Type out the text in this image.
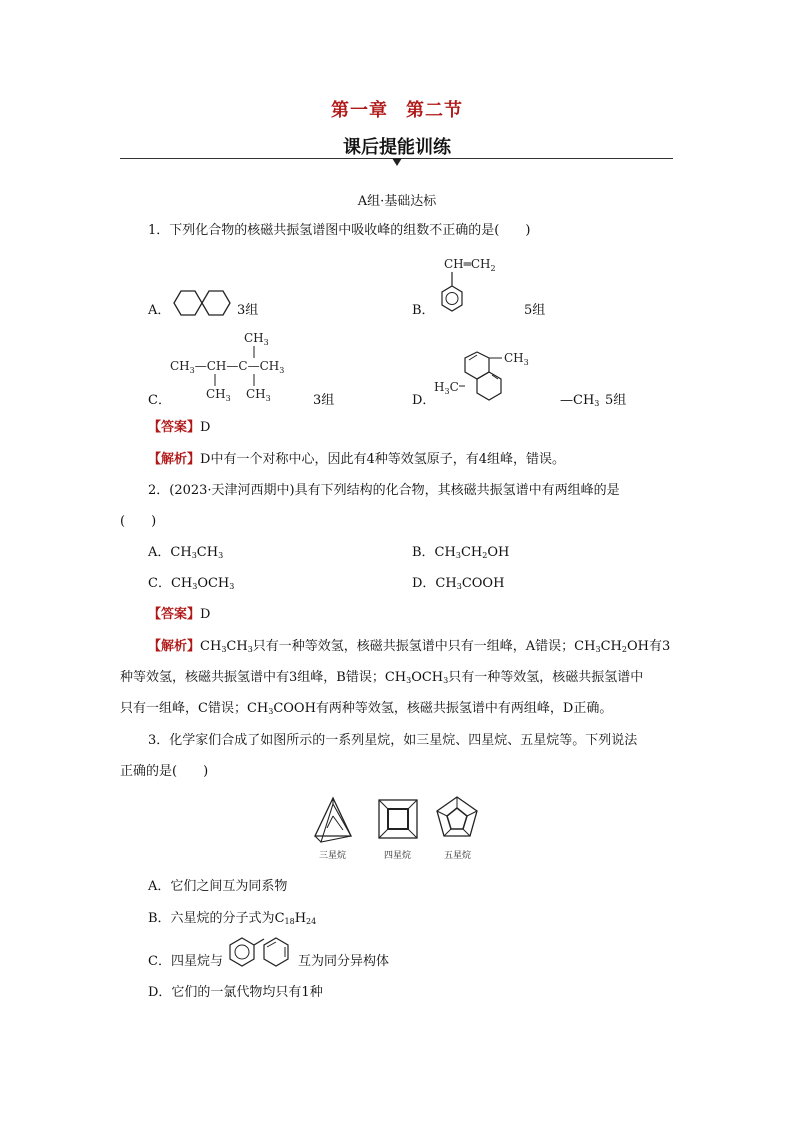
第一章 第二节
课后提能训练
A组·基础达标
1．下列化合物的核磁共振氢谱图中吸收峰的组数不正确的是(　　)
A．	3组	B．
$CH═CH_2$
5组
C．
$CH_3$
$CH_3—CH—C—CH_3$
$CH_3$ $CH_3$	3组	D．
$CH_3$
$H_3C$
$—CH_3$ 5组
【答案】D
【解析】D中有一个对称中心，因此有4种等效氢原子，有4组峰，错误。
2．(2023·天津河西期中)具有下列结构的化合物，其核磁共振氢谱中有两组峰的是
(　　)
A．$CH_3CH_3$	B．$CH_3CH_2OH$
C．$CH_3OCH_3$	D．$CH_3COOH$
【答案】D
【解析】$CH_3CH_3$只有一种等效氢，核磁共振氢谱中只有一组峰，A错误；$CH_3CH_2OH$有3
种等效氢，核磁共振氢谱中有3组峰，B错误；$CH_3OCH_3$只有一种等效氢，核磁共振氢谱中
只有一组峰，C错误；$CH_3COOH$有两种等效氢，核磁共振氢谱中有两组峰，D正确。
3．化学家们合成了如图所示的一系列星烷，如三星烷、四星烷、五星烷等。下列说法
正确的是(　　)
三星烷	四星烷	五星烷
A．它们之间互为同系物
B．六星烷的分子式为$C_{18}H_{24}$
C．四星烷与	互为同分异构体
D．它们的一氯代物均只有1种
